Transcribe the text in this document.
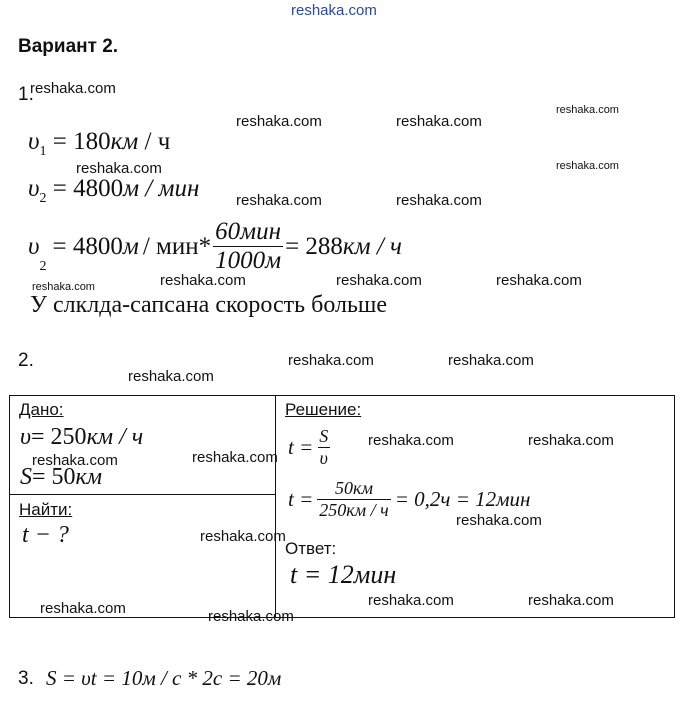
reshaka.com
reshaka.com
reshaka.com	reshaka.com
reshaka.com
reshaka.com	reshaka.com
reshaka.com	reshaka.com
reshaka.com	reshaka.com	reshaka.com	reshaka.com
reshaka.com	reshaka.com
reshaka.com
reshaka.com	reshaka.com
reshaka.com	reshaka.com
reshaka.com
reshaka.com
reshaka.com	reshaka.com
reshaka.com	reshaka.com
Вариант 2.
1.
$\upsilon_1 = 180км / ч$
$\upsilon_2 = 4800м$ / мин
υ
$_2$
= 4800 $м / мин* \frac{\text{60мин}}{1000м} = 288$ км / ч
У слклда-сапсана скорость больше
2.
Дано:
υ= 250км / ч
S= 50км
Найти:
t − ?
Решение:
$t = \frac{S}{\upsilon}$
$t = \frac{50км}{250км / ч} = 0,2ч = 12мин$
Ответ:
t = 12мин
3. S = υt = 10м / с * 2с = 20м
